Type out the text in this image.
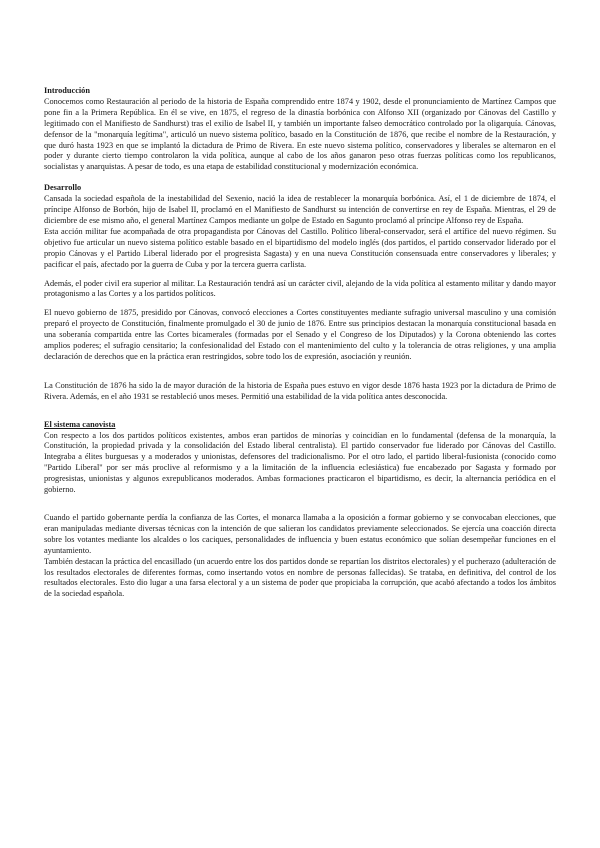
Introducción

Conocemos como Restauración al periodo de la historia de España comprendido entre 1874 y 1902, desde el pronunciamiento de Martínez Campos que pone fin a la Primera República. En él se vive, en 1875, el regreso de la dinastía borbónica con Alfonso XII (organizado por Cánovas del Castillo y legitimado con el Manifiesto de Sandhurst) tras el exilio de Isabel II, y también un importante falseo democrático controlado por la oligarquía. Cánovas, defensor de la "monarquía legítima", articuló un nuevo sistema político, basado en la Constitución de 1876, que recibe el nombre de la Restauración, y que duró hasta 1923 en que se implantó la dictadura de Primo de Rivera. En este nuevo sistema político, conservadores y liberales se alternaron en el poder y durante cierto tiempo controlaron la vida política, aunque al cabo de los años ganaron peso otras fuerzas políticas como los republicanos, socialistas y anarquistas. A pesar de todo, es una etapa de estabilidad constitucional y modernización económica.

Desarrollo

Cansada la sociedad española de la inestabilidad del Sexenio, nació la idea de restablecer la monarquía borbónica. Así, el 1 de diciembre de 1874, el príncipe Alfonso de Borbón, hijo de Isabel II, proclamó en el Manifiesto de Sandhurst su intención de convertirse en rey de España. Mientras, el 29 de diciembre de ese mismo año, el general Martínez Campos mediante un golpe de Estado en Sagunto proclamó al príncipe Alfonso rey de España.

Esta acción militar fue acompañada de otra propagandista por Cánovas del Castillo. Político liberal-conservador, será el artífice del nuevo régimen. Su objetivo fue articular un nuevo sistema político estable basado en el bipartidismo del modelo inglés (dos partidos, el partido conservador liderado por el propio Cánovas y el Partido Liberal liderado por el progresista Sagasta) y en una nueva Constitución consensuada entre conservadores y liberales; y pacificar el país, afectado por la guerra de Cuba y por la tercera guerra carlista.

Además, el poder civil era superior al militar. La Restauración tendrá así un carácter civil, alejando de la vida política al estamento militar y dando mayor protagonismo a las Cortes y a los partidos políticos.

El nuevo gobierno de 1875, presidido por Cánovas, convocó elecciones a Cortes constituyentes mediante sufragio universal masculino y una comisión preparó el proyecto de Constitución, finalmente promulgado el 30 de junio de 1876. Entre sus principios destacan la monarquía constitucional basada en una soberanía compartida entre las Cortes bicamerales (formadas por el Senado y el Congreso de los Diputados) y la Corona obteniendo las cortes amplios poderes; el sufragio censitario; la confesionalidad del Estado con el mantenimiento del culto y la tolerancia de otras religiones, y una amplia declaración de derechos que en la práctica eran restringidos, sobre todo los de expresión, asociación y reunión.

La Constitución de 1876 ha sido la de mayor duración de la historia de España pues estuvo en vigor desde 1876 hasta 1923 por la dictadura de Primo de Rivera. Además, en el año 1931 se restableció unos meses. Permitió una estabilidad de la vida política antes desconocida.

El sistema canovista

Con respecto a los dos partidos políticos existentes, ambos eran partidos de minorías y coincidían en lo fundamental (defensa de la monarquía, la Constitución, la propiedad privada y la consolidación del Estado liberal centralista). El partido conservador fue liderado por Cánovas del Castillo. Integraba a élites burguesas y a moderados y unionistas, defensores del tradicionalismo. Por el otro lado, el partido liberal-fusionista (conocido como "Partido Liberal" por ser más proclive al reformismo y a la limitación de la influencia eclesiástica) fue encabezado por Sagasta y formado por progresistas, unionistas y algunos exrepublicanos moderados. Ambas formaciones practicaron el bipartidismo, es decir, la alternancia periódica en el gobierno.

Cuando el partido gobernante perdía la confianza de las Cortes, el monarca llamaba a la oposición a formar gobierno y se convocaban elecciones, que eran manipuladas mediante diversas técnicas con la intención de que salieran los candidatos previamente seleccionados. Se ejercía una coacción directa sobre los votantes mediante los alcaldes o los caciques, personalidades de influencia y buen estatus económico que solían desempeñar funciones en el ayuntamiento.

También destacan la práctica del encasillado (un acuerdo entre los dos partidos donde se repartían los distritos electorales) y el pucherazo (adulteración de los resultados electorales de diferentes formas, como insertando votos en nombre de personas fallecidas). Se trataba, en definitiva, del control de los resultados electorales. Esto dio lugar a una farsa electoral y a un sistema de poder que propiciaba la corrupción, que acabó afectando a todos los ámbitos de la sociedad española.
